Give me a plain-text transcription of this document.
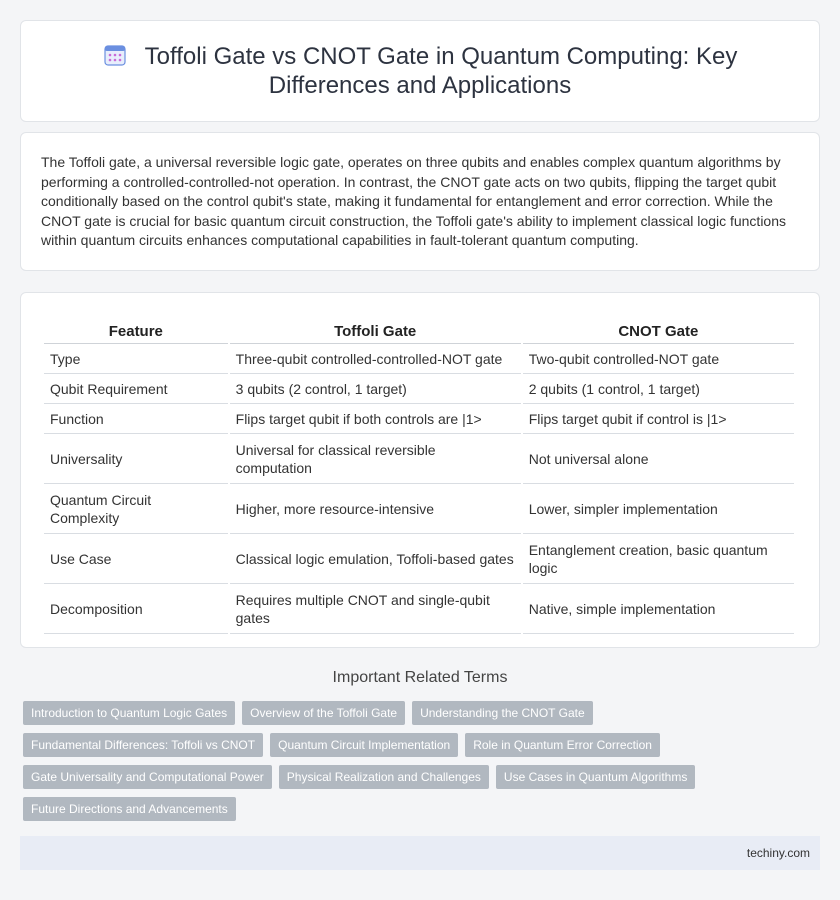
Toffoli Gate vs CNOT Gate in Quantum Computing: Key Differences and Applications

The Toffoli gate, a universal reversible logic gate, operates on three qubits and enables complex quantum algorithms by performing a controlled-controlled-not operation. In contrast, the CNOT gate acts on two qubits, flipping the target qubit conditionally based on the control qubit's state, making it fundamental for entanglement and error correction. While the CNOT gate is crucial for basic quantum circuit construction, the Toffoli gate's ability to implement classical logic functions within quantum circuits enhances computational capabilities in fault-tolerant quantum computing.

Feature	Toffoli Gate	CNOT Gate
Type	Three-qubit controlled-controlled-NOT gate	Two-qubit controlled-NOT gate
Qubit Requirement	3 qubits (2 control, 1 target)	2 qubits (1 control, 1 target)
Function	Flips target qubit if both controls are |1>	Flips target qubit if control is |1>
Universality	Universal for classical reversible computation	Not universal alone
Quantum Circuit Complexity	Higher, more resource-intensive	Lower, simpler implementation
Use Case	Classical logic emulation, Toffoli-based gates	Entanglement creation, basic quantum logic
Decomposition	Requires multiple CNOT and single-qubit gates	Native, simple implementation
Important Related Terms
Introduction to Quantum Logic Gates	Overview of the Toffoli Gate	Understanding the CNOT Gate
Fundamental Differences: Toffoli vs CNOT	Quantum Circuit Implementation	Role in Quantum Error Correction
Gate Universality and Computational Power	Physical Realization and Challenges	Use Cases in Quantum Algorithms
Future Directions and Advancements
techiny.com
